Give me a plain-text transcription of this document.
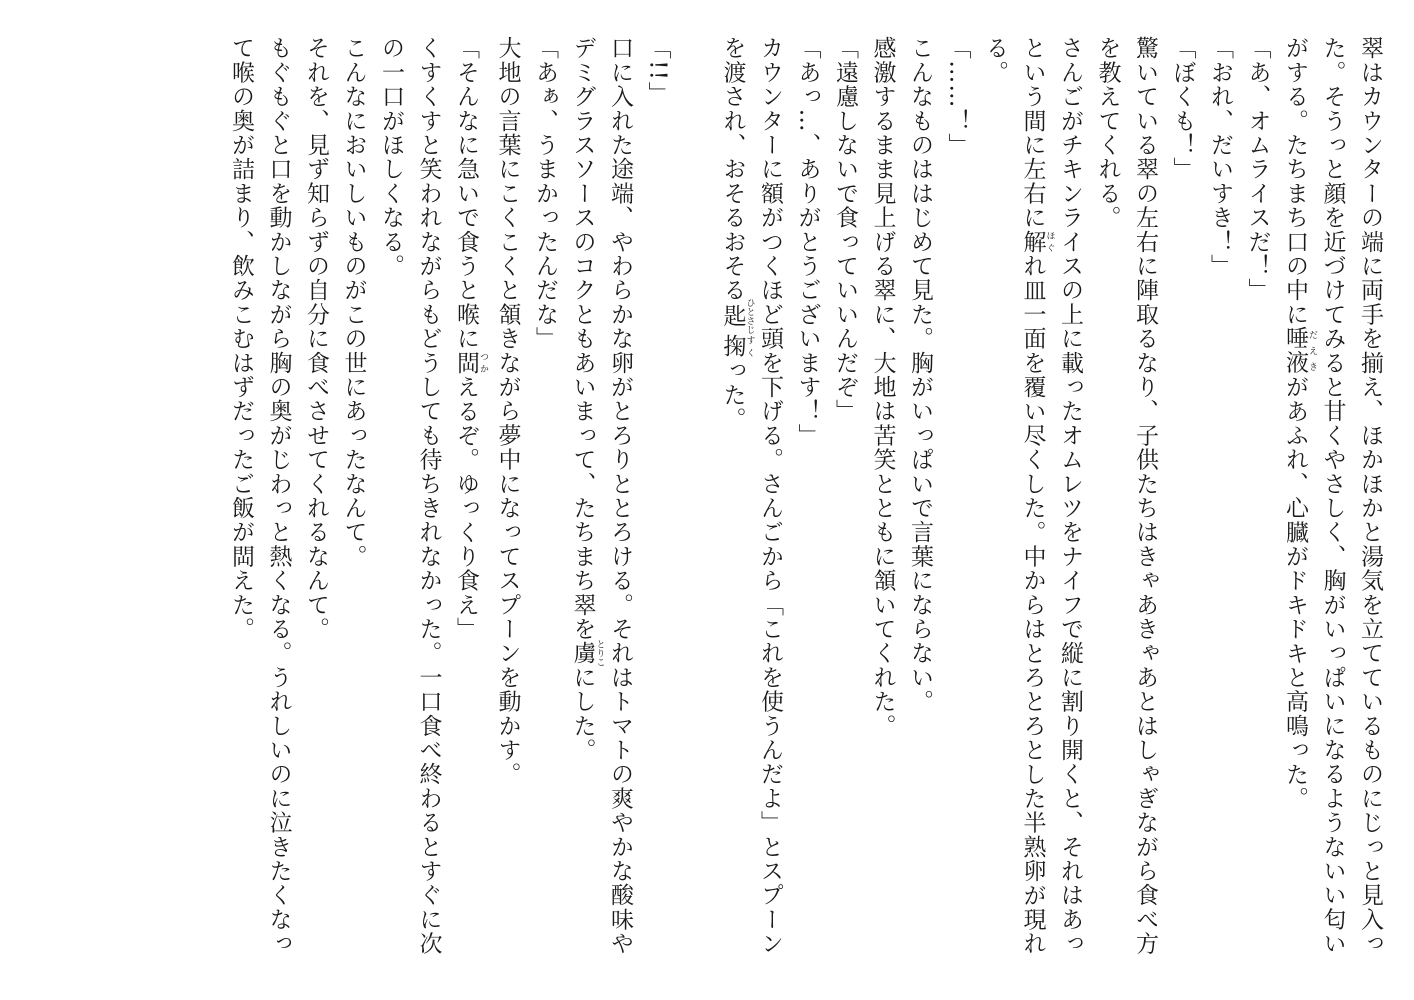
翠はカウンターの端に両手を揃え、ほかほかと湯気を立てているものにじっと見入った。そうっと顔を近づけてみると甘くやさしく、胸がいっぱいになるようないい匂いがする。たちまち口の中に唾液 だえきがあふれ、心臓がドキドキと高鳴った。

「あ、オムライスだ！」

「おれ、だいすき！」

「ぼくも！」

驚いている翠の左右に陣取るなり、子供たちはきゃあきゃあとはしゃぎながら食べ方を教えてくれる。

さんごがチキンライスの上に載ったオムレツをナイフで縦に割り開くと、それはあっという間に左右に解 ほぐれ皿一面を覆い尽くした。中からはとろとろとした半熟卵が現れる。

「……！」

こんなものははじめて見た。胸がいっぱいで言葉にならない。

感激するまま見上げる翠に、大地は苦笑とともに頷いてくれた。

「遠慮しないで食っていいんだぞ」

「あっ…、ありがとうございます！」

カウンターに額がつくほど頭を下げる。さんごから「これを使うんだよ」とスプーンを渡され、おそるおそる匙 ひとさじ掬 すくった。

「!!」

口に入れた途端、やわらかな卵がとろりととろける。それはトマトの爽やかな酸味やデミグラスソースのコクともあいまって、たちまち翠を虜 とりこにした。

「あぁ、うまかったんだな」

大地の言葉にこくこくと頷きながら夢中になってスプーンを動かす。

「そんなに急いで食うと喉に閊 つかえるぞ。ゆっくり食え」

くすくすと笑われながらもどうしても待ちきれなかった。一口食べ終わるとすぐに次の一口がほしくなる。

こんなにおいしいものがこの世にあったなんて。

それを、見ず知らずの自分に食べさせてくれるなんて。

もぐもぐと口を動かしながら胸の奥がじわっと熱くなる。うれしいのに泣きたくなって喉の奥が詰まり、飲みこむはずだったご飯が閊えた。
